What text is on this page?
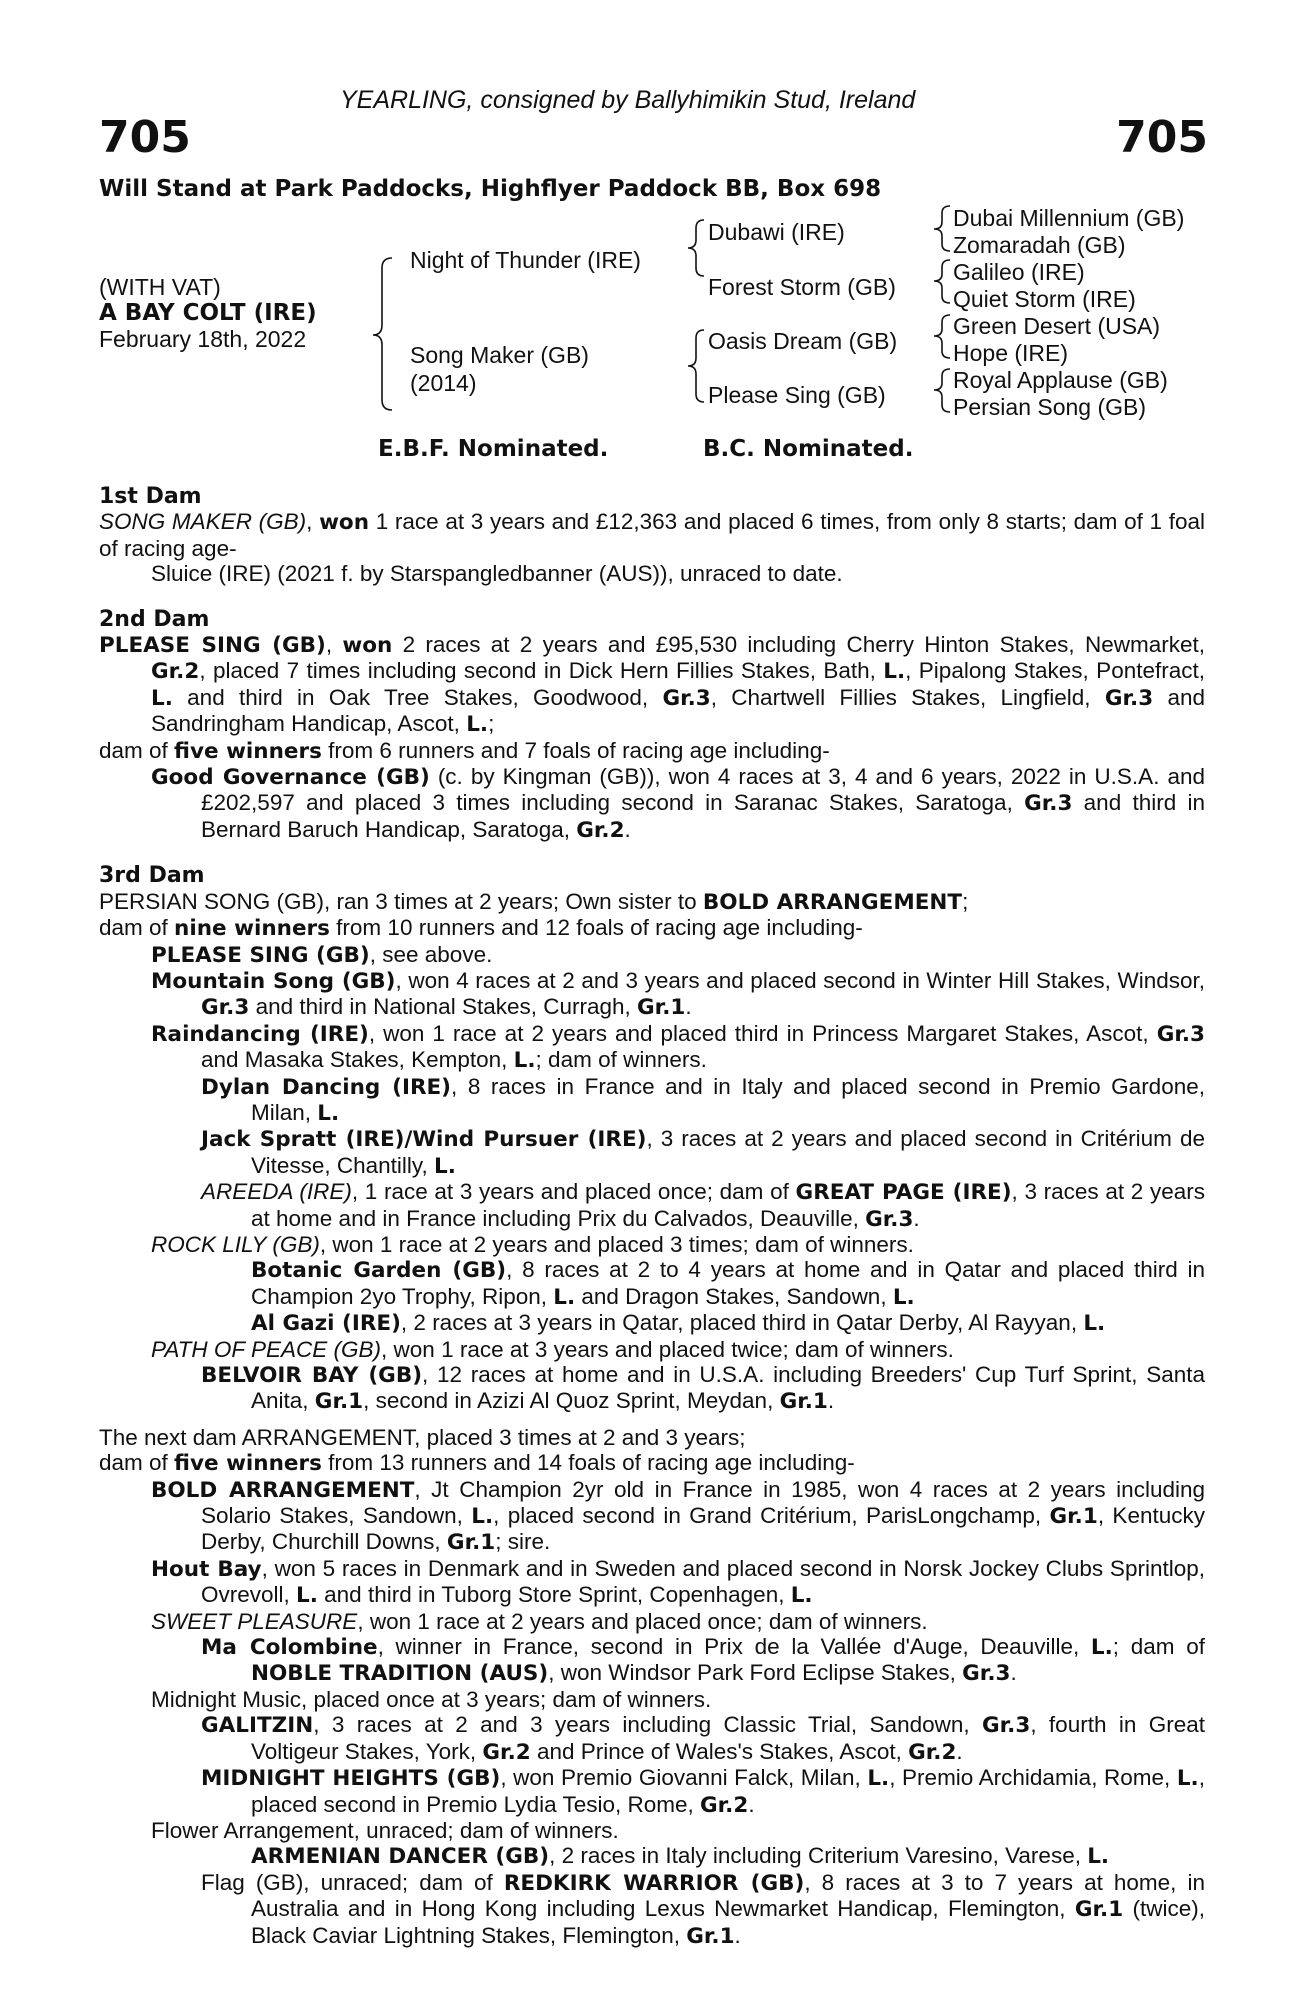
YEARLING, consigned by Ballyhimikin Stud, Ireland
705	705
Will Stand at Park Paddocks, Highflyer Paddock BB, Box 698
(WITH VAT)
A BAY COLT (IRE)
February 18th, 2022
Night of Thunder (IRE)
Song Maker (GB)
(2014)
Dubawi (IRE)
Forest Storm (GB)
Oasis Dream (GB)
Please Sing (GB)
Dubai Millennium (GB)
Zomaradah (GB)
Galileo (IRE)
Quiet Storm (IRE)
Green Desert (USA)
Hope (IRE)
Royal Applause (GB)
Persian Song (GB)
E.B.F. Nominated.	B.C. Nominated.
1st Dam
SONG MAKER (GB), won 1 race at 3 years and £12,363 and placed 6 times, from only 8 starts; dam of 1 foal of racing age-
Sluice (IRE) (2021 f. by Starspangledbanner (AUS)), unraced to date.
2nd Dam
PLEASE SING (GB), won 2 races at 2 years and £95,530 including Cherry Hinton Stakes, Newmarket, Gr.2, placed 7 times including second in Dick Hern Fillies Stakes, Bath, L., Pipalong Stakes, Pontefract, L. and third in Oak Tree Stakes, Goodwood, Gr.3, Chartwell Fillies Stakes, Lingfield, Gr.3 and Sandringham Handicap, Ascot, L.;
dam of five winners from 6 runners and 7 foals of racing age including-
Good Governance (GB) (c. by Kingman (GB)), won 4 races at 3, 4 and 6 years, 2022 in U.S.A. and £202,597 and placed 3 times including second in Saranac Stakes, Saratoga, Gr.3 and third in Bernard Baruch Handicap, Saratoga, Gr.2.
3rd Dam
PERSIAN SONG (GB), ran 3 times at 2 years; Own sister to BOLD ARRANGEMENT;
dam of nine winners from 10 runners and 12 foals of racing age including-
PLEASE SING (GB), see above.
Mountain Song (GB), won 4 races at 2 and 3 years and placed second in Winter Hill Stakes, Windsor, Gr.3 and third in National Stakes, Curragh, Gr.1.
Raindancing (IRE), won 1 race at 2 years and placed third in Princess Margaret Stakes, Ascot, Gr.3 and Masaka Stakes, Kempton, L.; dam of winners.
Dylan Dancing (IRE), 8 races in France and in Italy and placed second in Premio Gardone, Milan, L.
Jack Spratt (IRE)/Wind Pursuer (IRE), 3 races at 2 years and placed second in Critérium de Vitesse, Chantilly, L.
AREEDA (IRE), 1 race at 3 years and placed once; dam of GREAT PAGE (IRE), 3 races at 2 years at home and in France including Prix du Calvados, Deauville, Gr.3.
ROCK LILY (GB), won 1 race at 2 years and placed 3 times; dam of winners.
Botanic Garden (GB), 8 races at 2 to 4 years at home and in Qatar and placed third in Champion 2yo Trophy, Ripon, L. and Dragon Stakes, Sandown, L.
Al Gazi (IRE), 2 races at 3 years in Qatar, placed third in Qatar Derby, Al Rayyan, L.
PATH OF PEACE (GB), won 1 race at 3 years and placed twice; dam of winners.
BELVOIR BAY (GB), 12 races at home and in U.S.A. including Breeders' Cup Turf Sprint, Santa Anita, Gr.1, second in Azizi Al Quoz Sprint, Meydan, Gr.1.
The next dam ARRANGEMENT, placed 3 times at 2 and 3 years;
dam of five winners from 13 runners and 14 foals of racing age including-
BOLD ARRANGEMENT, Jt Champion 2yr old in France in 1985, won 4 races at 2 years including Solario Stakes, Sandown, L., placed second in Grand Critérium, ParisLongchamp, Gr.1, Kentucky Derby, Churchill Downs, Gr.1; sire.
Hout Bay, won 5 races in Denmark and in Sweden and placed second in Norsk Jockey Clubs Sprintlop, Ovrevoll, L. and third in Tuborg Store Sprint, Copenhagen, L.
SWEET PLEASURE, won 1 race at 2 years and placed once; dam of winners.
Ma Colombine, winner in France, second in Prix de la Vallée d'Auge, Deauville, L.; dam of NOBLE TRADITION (AUS), won Windsor Park Ford Eclipse Stakes, Gr.3.
Midnight Music, placed once at 3 years; dam of winners.
GALITZIN, 3 races at 2 and 3 years including Classic Trial, Sandown, Gr.3, fourth in Great Voltigeur Stakes, York, Gr.2 and Prince of Wales's Stakes, Ascot, Gr.2.
MIDNIGHT HEIGHTS (GB), won Premio Giovanni Falck, Milan, L., Premio Archidamia, Rome, L., placed second in Premio Lydia Tesio, Rome, Gr.2.
Flower Arrangement, unraced; dam of winners.
ARMENIAN DANCER (GB), 2 races in Italy including Criterium Varesino, Varese, L.
Flag (GB), unraced; dam of REDKIRK WARRIOR (GB), 8 races at 3 to 7 years at home, in Australia and in Hong Kong including Lexus Newmarket Handicap, Flemington, Gr.1 (twice), Black Caviar Lightning Stakes, Flemington, Gr.1.
